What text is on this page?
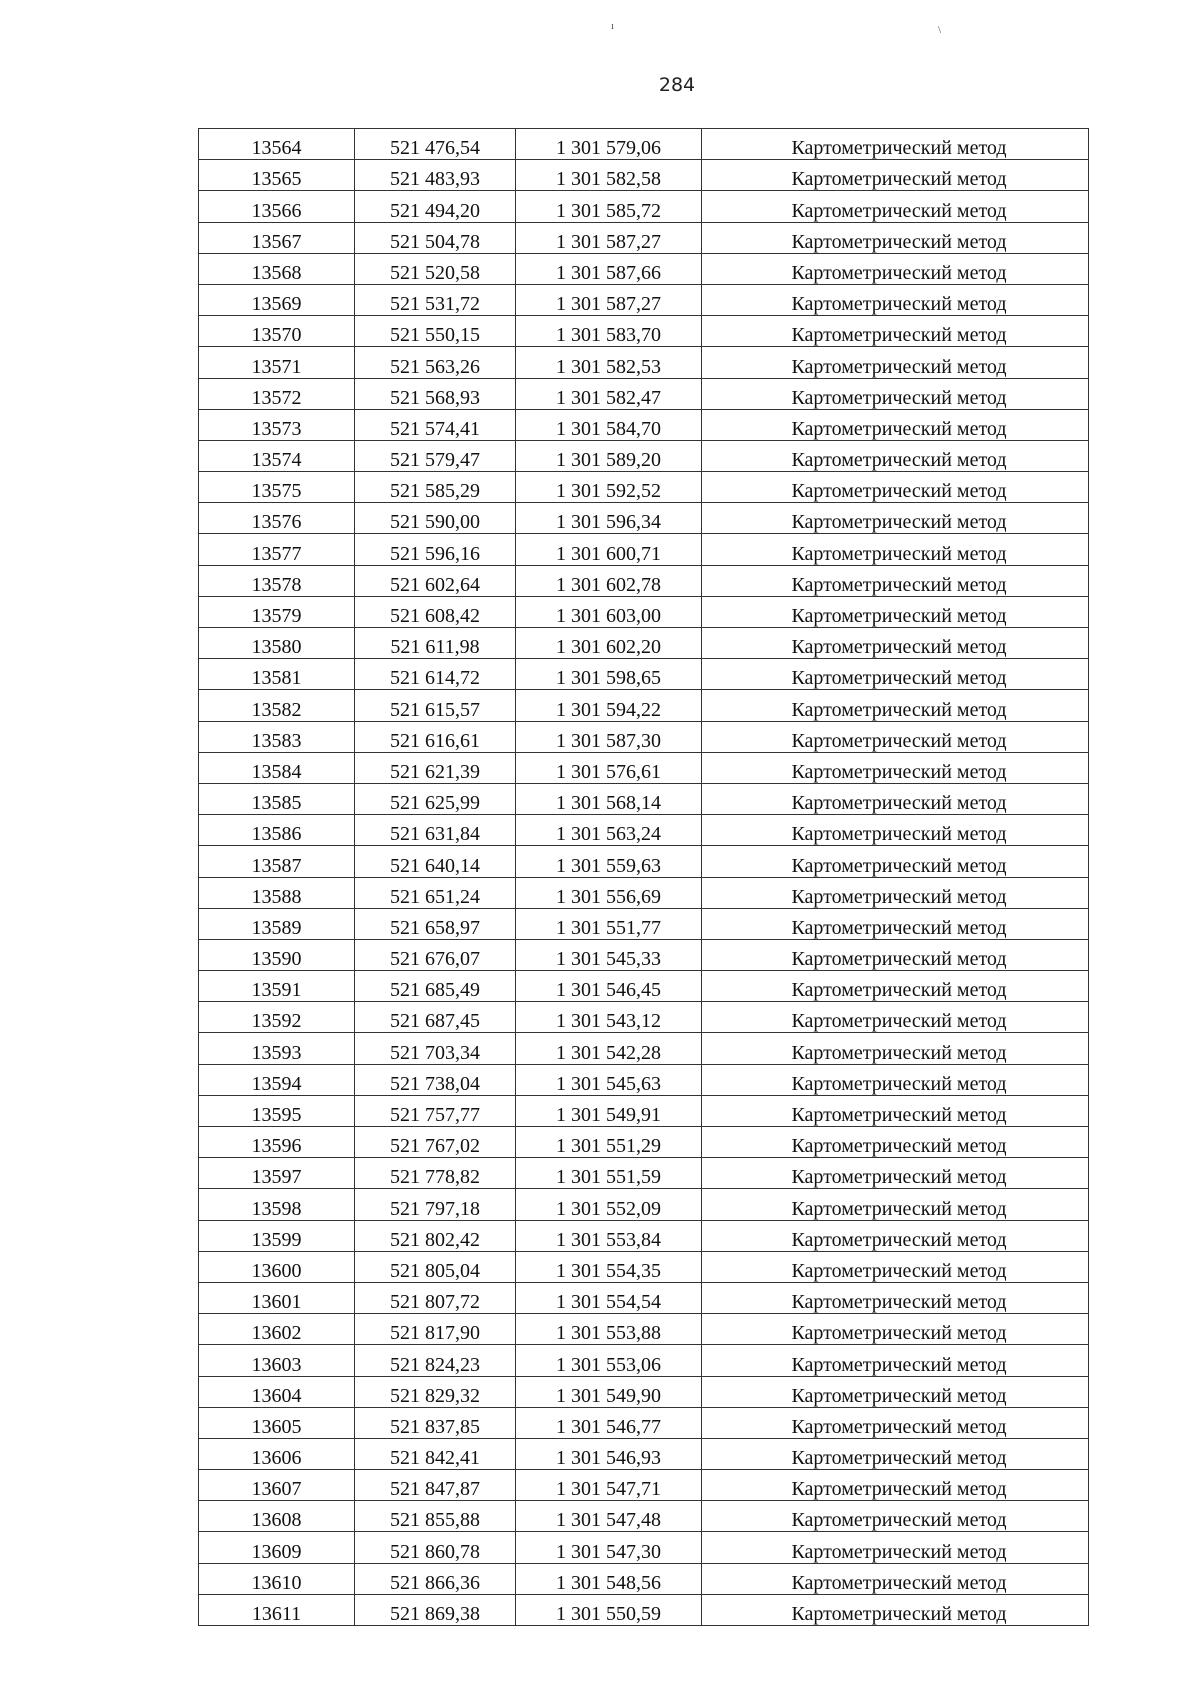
ı	\
284
13564	521 476,54	1 301 579,06	Картометрический метод
13565	521 483,93	1 301 582,58	Картометрический метод
13566	521 494,20	1 301 585,72	Картометрический метод
13567	521 504,78	1 301 587,27	Картометрический метод
13568	521 520,58	1 301 587,66	Картометрический метод
13569	521 531,72	1 301 587,27	Картометрический метод
13570	521 550,15	1 301 583,70	Картометрический метод
13571	521 563,26	1 301 582,53	Картометрический метод
13572	521 568,93	1 301 582,47	Картометрический метод
13573	521 574,41	1 301 584,70	Картометрический метод
13574	521 579,47	1 301 589,20	Картометрический метод
13575	521 585,29	1 301 592,52	Картометрический метод
13576	521 590,00	1 301 596,34	Картометрический метод
13577	521 596,16	1 301 600,71	Картометрический метод
13578	521 602,64	1 301 602,78	Картометрический метод
13579	521 608,42	1 301 603,00	Картометрический метод
13580	521 611,98	1 301 602,20	Картометрический метод
13581	521 614,72	1 301 598,65	Картометрический метод
13582	521 615,57	1 301 594,22	Картометрический метод
13583	521 616,61	1 301 587,30	Картометрический метод
13584	521 621,39	1 301 576,61	Картометрический метод
13585	521 625,99	1 301 568,14	Картометрический метод
13586	521 631,84	1 301 563,24	Картометрический метод
13587	521 640,14	1 301 559,63	Картометрический метод
13588	521 651,24	1 301 556,69	Картометрический метод
13589	521 658,97	1 301 551,77	Картометрический метод
13590	521 676,07	1 301 545,33	Картометрический метод
13591	521 685,49	1 301 546,45	Картометрический метод
13592	521 687,45	1 301 543,12	Картометрический метод
13593	521 703,34	1 301 542,28	Картометрический метод
13594	521 738,04	1 301 545,63	Картометрический метод
13595	521 757,77	1 301 549,91	Картометрический метод
13596	521 767,02	1 301 551,29	Картометрический метод
13597	521 778,82	1 301 551,59	Картометрический метод
13598	521 797,18	1 301 552,09	Картометрический метод
13599	521 802,42	1 301 553,84	Картометрический метод
13600	521 805,04	1 301 554,35	Картометрический метод
13601	521 807,72	1 301 554,54	Картометрический метод
13602	521 817,90	1 301 553,88	Картометрический метод
13603	521 824,23	1 301 553,06	Картометрический метод
13604	521 829,32	1 301 549,90	Картометрический метод
13605	521 837,85	1 301 546,77	Картометрический метод
13606	521 842,41	1 301 546,93	Картометрический метод
13607	521 847,87	1 301 547,71	Картометрический метод
13608	521 855,88	1 301 547,48	Картометрический метод
13609	521 860,78	1 301 547,30	Картометрический метод
13610	521 866,36	1 301 548,56	Картометрический метод
13611	521 869,38	1 301 550,59	Картометрический метод
